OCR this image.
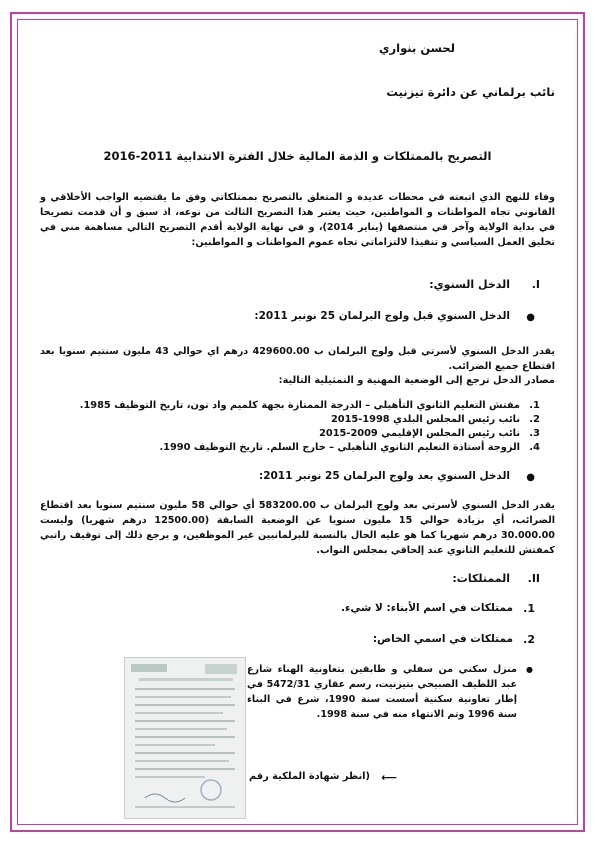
لحسن بنواري

نائب برلماني عن دائرة تيزنيت

التصريح بالممتلكات و الذمة المالية خلال الفترة الانتدابية 2011-2016

وفاء للنهج الذي اتبعته في محطات عديدة و المتعلق بالتصريح بممتلكاتي وفق ما يقتضيه الواجب الأخلاقي و القانوني تجاه المواطنات و المواطنين، حيث يعتبر هذا التصريح الثالث من نوعه، اذ سبق و أن قدمت تصريحا في بداية الولاية وآخر في منتصفها (يناير 2014)، و في نهاية الولاية أقدم التصريح التالي مساهمة مني في تخليق العمل السياسي و تنفيذا لالتزاماتي تجاه عموم المواطنات و المواطنين:

I.

الدخل السنوي:

●

الدخل السنوي قبل ولوج البرلمان 25 نونبر 2011:

يقدر الدخل السنوي لأسرتي قبل ولوج البرلمان ب 429600.00 درهم اي حوالي 43 مليون سنتيم سنويا بعد اقتطاع جميع الضرائب.

مصادر الدخل ترجع إلى الوضعية المهنية و التمثيلية التالية:

1.

مفتش التعليم الثانوي التأهيلي – الدرجة الممتازة بجهة كلميم واد نون، تاريخ التوظيف 1985.

2.

نائب رئيس المجلس البلدي 1998-2015

3.

نائب رئيس المجلس الإقليمي 2009-2015

4.

الزوجة أستاذة التعليم الثانوي التأهيلي – خارج السلم. تاريخ التوظيف 1990.

●

الدخل السنوي بعد ولوج البرلمان 25 نونبر 2011:

يقدر الدخل السنوي لأسرتي بعد ولوج البرلمان ب 583200.00 أي حوالي 58 مليون سنتيم سنويا بعد اقتطاع الضرائب، أي بزيادة حوالي 15 مليون سنويا عن الوضعية السابقة (12500.00 درهم شهريا) وليست 30.000.00 درهم شهريا كما هو عليه الحال بالنسبة للبرلمانيين غير الموظفين، و يرجع ذلك إلى توقيف راتبي كمفتش للتعليم الثانوي عند إلحاقي بمجلس النواب.

II.

الممتلكات:

1.

ممتلكات في اسم الأبناء: لا شيء.

2.

ممتلكات في اسمي الخاص:

●

منزل سكني من سفلي و طابقين بتعاونية الهناء شارع عبد اللطيف الصبيحي بتيزنيت، رسم عقاري 5472/31 في إطار تعاونية سكنية أسست سنة 1990، شرع في البناء سنة 1996 وتم الانتهاء منه في سنة 1998.

⟵

(انظر شهادة الملكية رقم
